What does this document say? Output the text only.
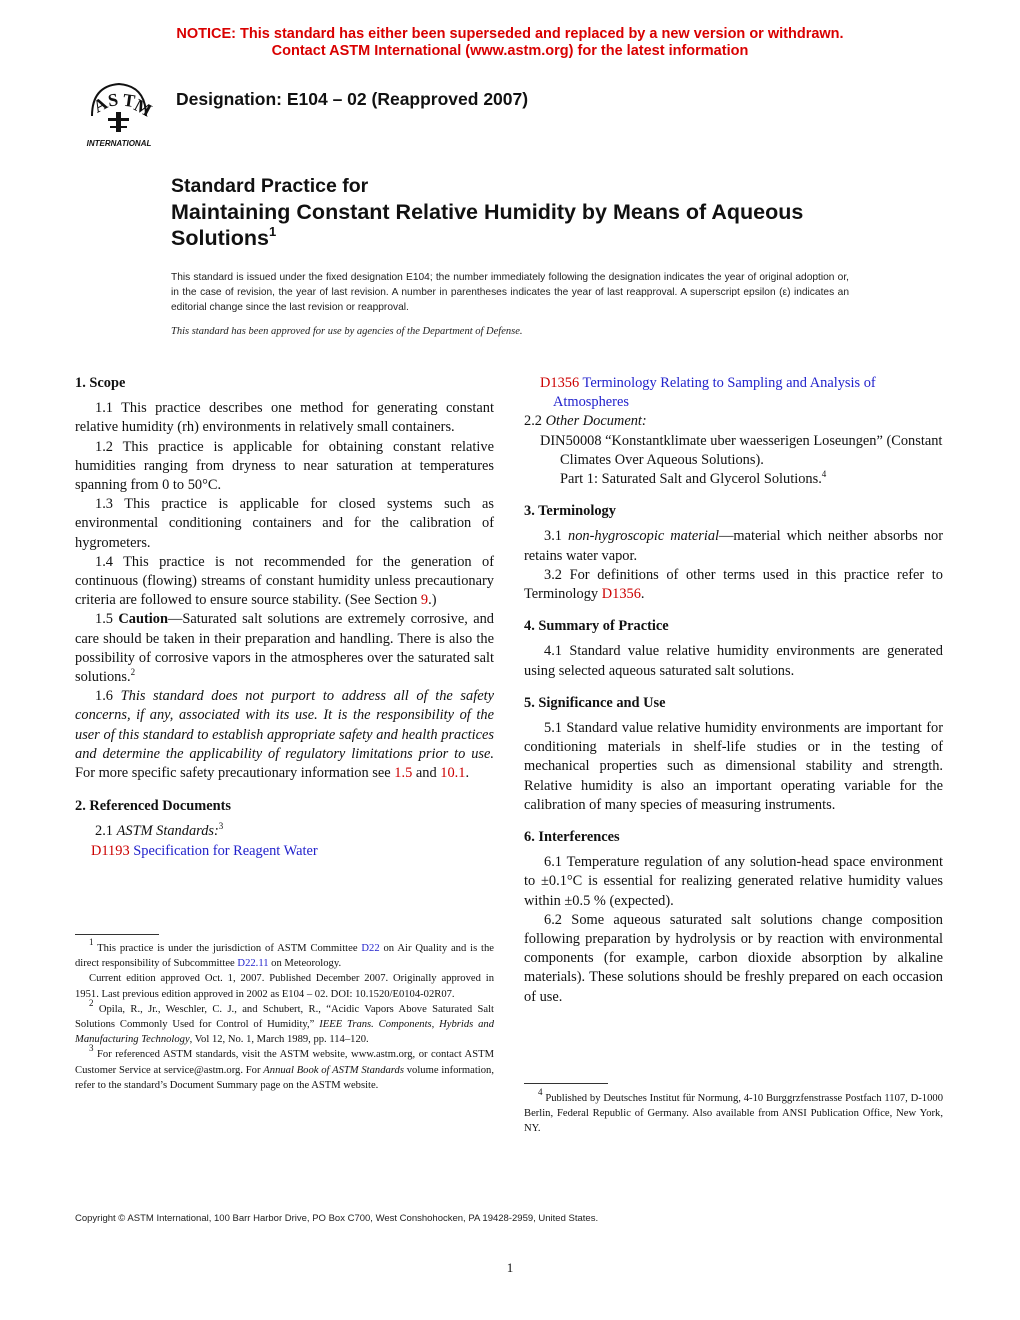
NOTICE: This standard has either been superseded and replaced by a new version or withdrawn.
Contact ASTM International (www.astm.org) for the latest information
A
S T
M
INTERNATIONAL
Designation: E104 – 02 (Reapproved 2007)
Standard Practice for
Maintaining Constant Relative Humidity by Means of Aqueous Solutions$^1$
This standard is issued under the fixed designation E104; the number immediately following the designation indicates the year of original adoption or, in the case of revision, the year of last revision. A number in parentheses indicates the year of last reapproval. A superscript epsilon (ε) indicates an editorial change since the last revision or reapproval.
This standard has been approved for use by agencies of the Department of Defense.

1. Scope

1.1 This practice describes one method for generating constant relative humidity (rh) environments in relatively small containers.

1.2 This practice is applicable for obtaining constant relative humidities ranging from dryness to near saturation at temperatures spanning from 0 to 50°C.

1.3 This practice is applicable for closed systems such as environmental conditioning containers and for the calibration of hygrometers.

1.4 This practice is not recommended for the generation of continuous (flowing) streams of constant humidity unless precautionary criteria are followed to ensure source stability. (See Section 9.)

1.5 Caution—Saturated salt solutions are extremely corrosive, and care should be taken in their preparation and handling. There is also the possibility of corrosive vapors in the atmospheres over the saturated salt solutions.$^2$

1.6 This standard does not purport to address all of the safety concerns, if any, associated with its use. It is the responsibility of the user of this standard to establish appropriate safety and health practices and determine the applicability of regulatory limitations prior to use. For more specific safety precautionary information see 1.5 and 10.1.

2. Referenced Documents

2.1 ASTM Standards:$^3$

D1193 Specification for Reagent Water

$^1$ This practice is under the jurisdiction of ASTM Committee D22 on Air Quality and is the direct responsibility of Subcommittee D22.11 on Meteorology.

Current edition approved Oct. 1, 2007. Published December 2007. Originally approved in 1951. Last previous edition approved in 2002 as E104 – 02. DOI: 10.1520/E0104-02R07.

$^2$ Opila, R., Jr., Weschler, C. J., and Schubert, R., “Acidic Vapors Above Saturated Salt Solutions Commonly Used for Control of Humidity,” IEEE Trans. Components, Hybrids and Manufacturing Technology, Vol 12, No. 1, March 1989, pp. 114–120.

$^3$ For referenced ASTM standards, visit the ASTM website, www.astm.org, or contact ASTM Customer Service at service@astm.org. For Annual Book of ASTM Standards volume information, refer to the standard’s Document Summary page on the ASTM website.

D1356 Terminology Relating to Sampling and Analysis of Atmospheres

2.2 Other Document:

DIN50008 “Konstantklimate uber waesserigen Loseungen” (Constant Climates Over Aqueous Solutions).

Part 1: Saturated Salt and Glycerol Solutions.$^4$

3. Terminology

3.1 non-hygroscopic material—material which neither absorbs nor retains water vapor.

3.2 For definitions of other terms used in this practice refer to Terminology D1356.

4. Summary of Practice

4.1 Standard value relative humidity environments are generated using selected aqueous saturated salt solutions.

5. Significance and Use

5.1 Standard value relative humidity environments are important for conditioning materials in shelf-life studies or in the testing of mechanical properties such as dimensional stability and strength. Relative humidity is also an important operating variable for the calibration of many species of measuring instruments.

6. Interferences

6.1 Temperature regulation of any solution-head space environment to ±0.1°C is essential for realizing generated relative humidity values within ±0.5 % (expected).

6.2 Some aqueous saturated salt solutions change composition following preparation by hydrolysis or by reaction with environmental components (for example, carbon dioxide absorption by alkaline materials). These solutions should be freshly prepared on each occasion of use.

$^4$ Published by Deutsches Institut für Normung, 4-10 Burggrzfenstrasse Postfach 1107, D-1000 Berlin, Federal Republic of Germany. Also available from ANSI Publication Office, New York, NY.

Copyright © ASTM International, 100 Barr Harbor Drive, PO Box C700, West Conshohocken, PA 19428-2959, United States.
1
